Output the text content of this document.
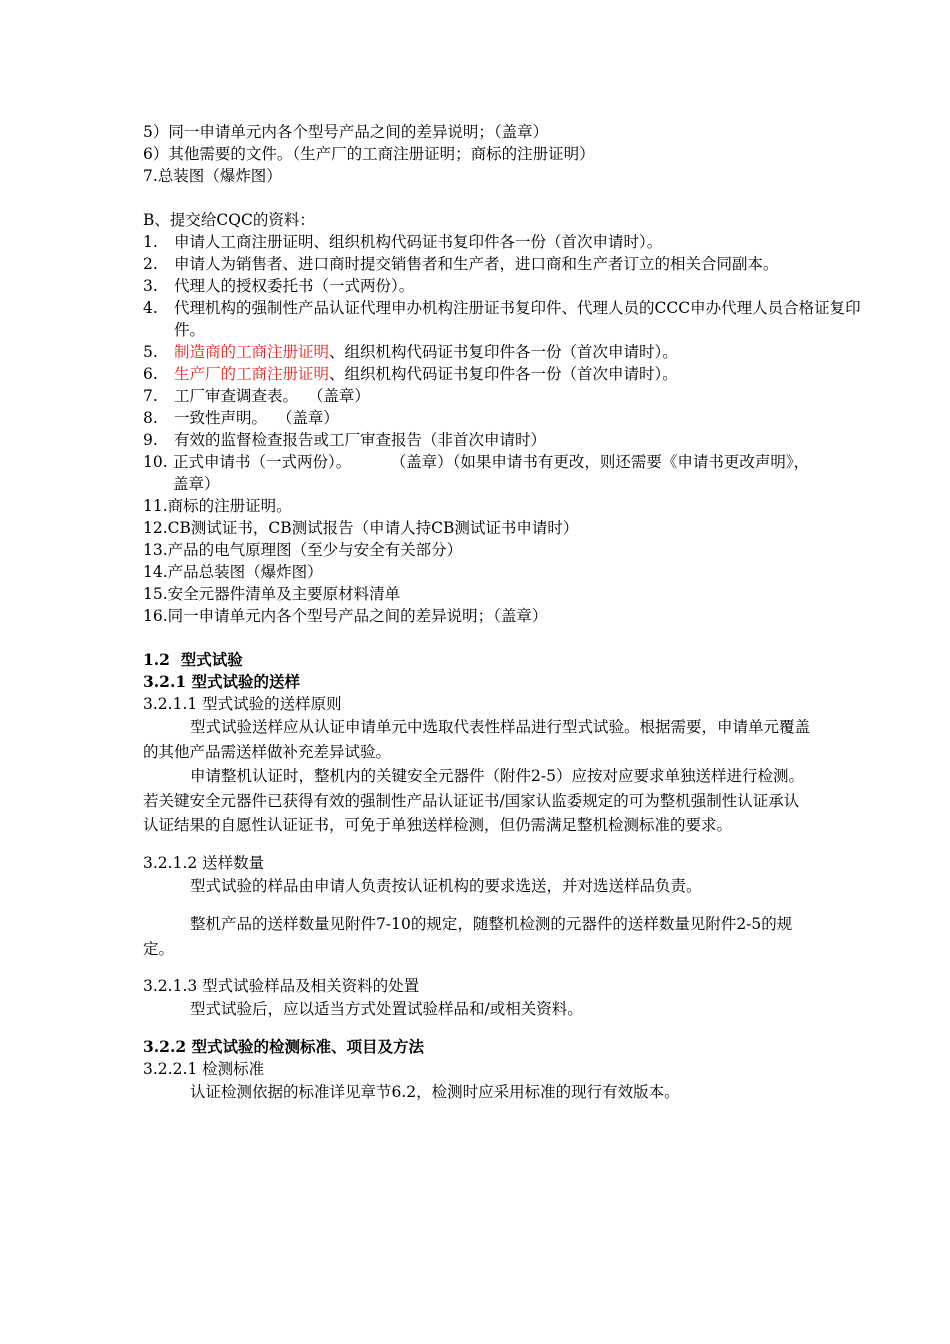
5）同一申请单元内各个型号产品之间的差异说明；（盖章）
6）其他需要的文件。（生产厂的工商注册证明；商标的注册证明）
7.总装图（爆炸图）
B、提交给CQC的资料：
1.	申请人工商注册证明、组织机构代码证书复印件各一份（首次申请时）。
2.	申请人为销售者、进口商时提交销售者和生产者，进口商和生产者订立的相关合同副本。
3.	代理人的授权委托书（一式两份）。
4. 代理机构的强制性产品认证代理申办机构注册证书复印件、代理人员的CCC申办代理人员合格证复印件。
5.	制造商的工商注册证明、组织机构代码证书复印件各一份（首次申请时）。
6.	生产厂的工商注册证明、组织机构代码证书复印件各一份（首次申请时）。
7.	工厂审查调查表。  （盖章）
8.	一致性声明。  （盖章）
9.	有效的监督检查报告或工厂审查报告（非首次申请时）
10. 正式申请书（一式两份）。        （盖章）（如果申请书有更改，则还需要《申请书更改声明》，盖章）
11.商标的注册证明。
12.CB测试证书，CB测试报告（申请人持CB测试证书申请时）
13.产品的电气原理图（至少与安全有关部分）
14.产品总装图（爆炸图）
15.安全元器件清单及主要原材料清单
16.同一申请单元内各个型号产品之间的差异说明；（盖章）
1.2  型式试验
3.2.1 型式试验的送样
3.2.1.1 型式试验的送样原则
型式试验送样应从认证申请单元中选取代表性样品进行型式试验。根据需要，申请单元覆盖的其他产品需送样做补充差异试验。
申请整机认证时，整机内的关键安全元器件（附件2-5）应按对应要求单独送样进行检测。若关键安全元器件已获得有效的强制性产品认证证书/国家认监委规定的可为整机强制性认证承认认证结果的自愿性认证证书，可免于单独送样检测，但仍需满足整机检测标准的要求。
3.2.1.2 送样数量
型式试验的样品由申请人负责按认证机构的要求选送，并对选送样品负责。
整机产品的送样数量见附件7-10的规定，随整机检测的元器件的送样数量见附件2-5的规定。
3.2.1.3 型式试验样品及相关资料的处置
型式试验后，应以适当方式处置试验样品和/或相关资料。
3.2.2 型式试验的检测标准、项目及方法
3.2.2.1 检测标准
认证检测依据的标准详见章节6.2，检测时应采用标准的现行有效版本。
